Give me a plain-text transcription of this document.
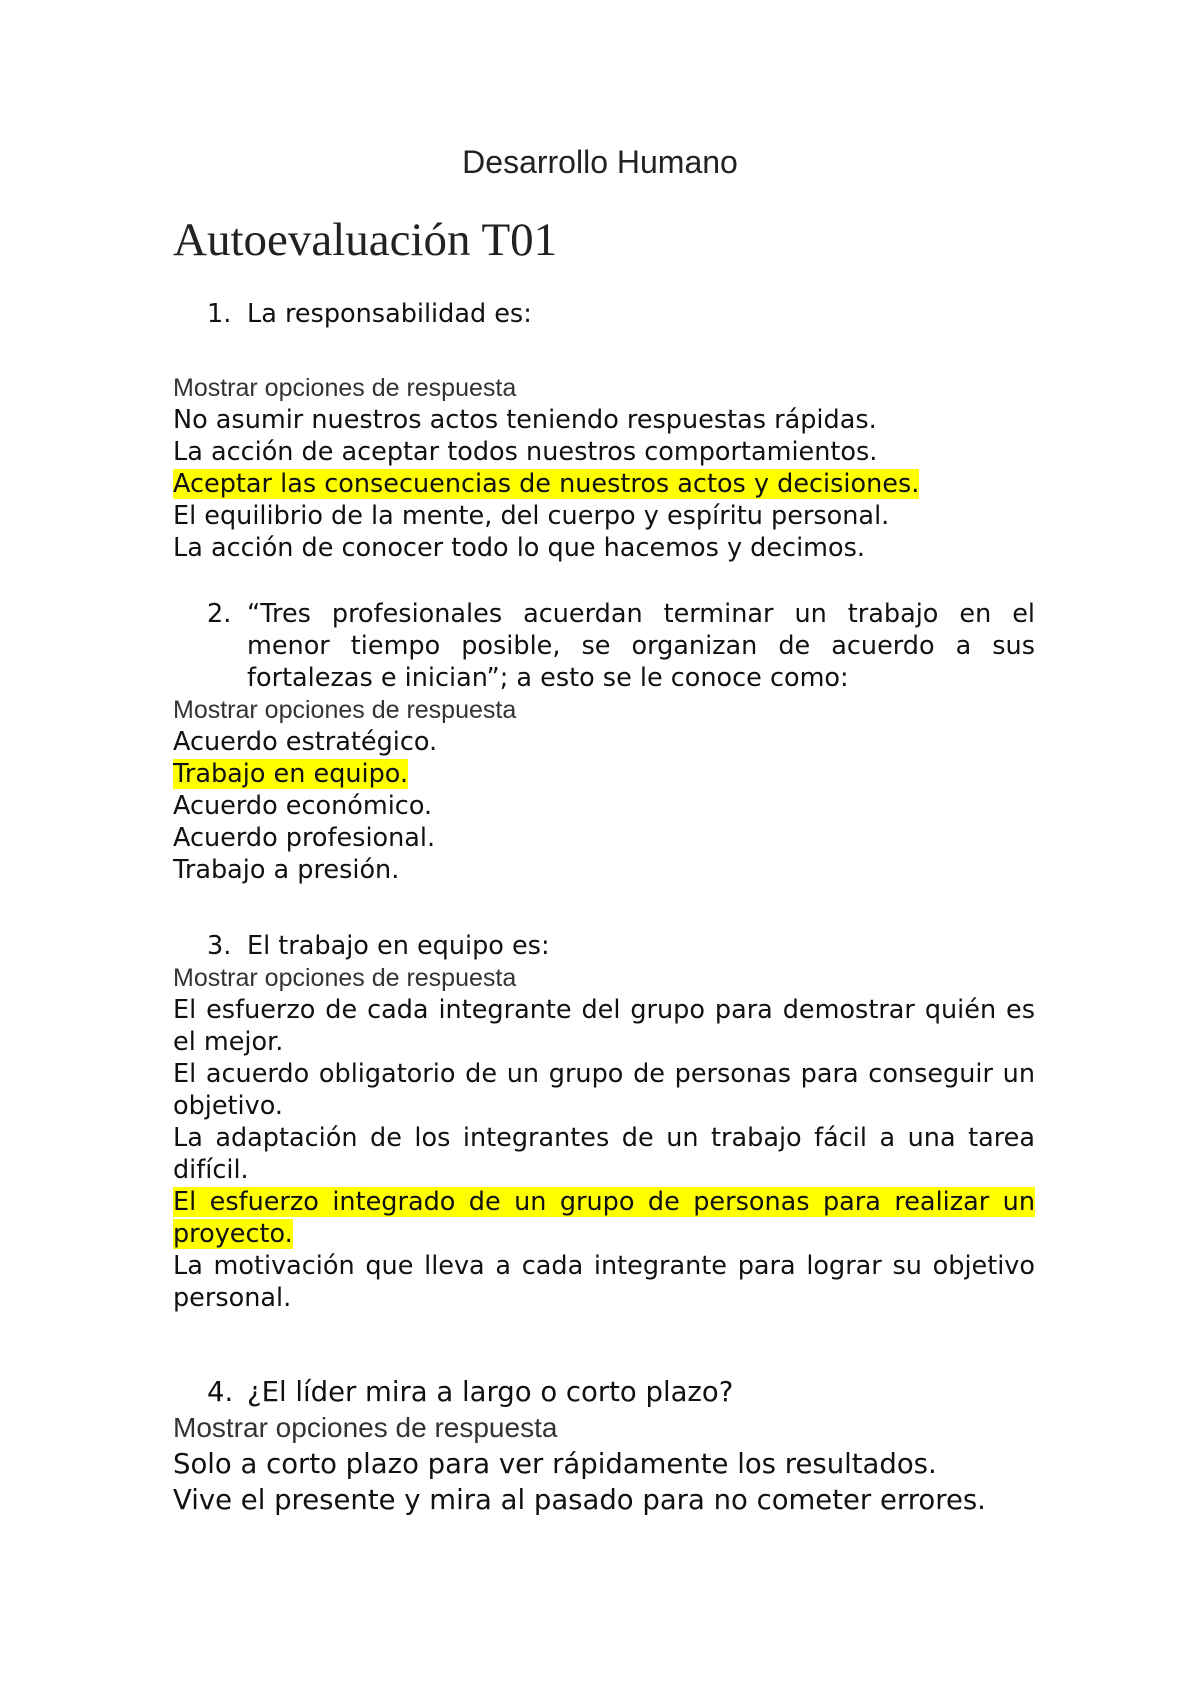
Desarrollo Humano
Autoevaluación T01
1. La responsabilidad es:
Mostrar opciones de respuesta
No asumir nuestros actos teniendo respuestas rápidas.
La acción de aceptar todos nuestros comportamientos.
Aceptar las consecuencias de nuestros actos y decisiones.
El equilibrio de la mente, del cuerpo y espíritu personal.
La acción de conocer todo lo que hacemos y decimos.
2. “Tres profesionales acuerdan terminar un trabajo en el menor tiempo posible, se organizan de acuerdo a sus fortalezas e inician”; a esto se le conoce como:
Mostrar opciones de respuesta
Acuerdo estratégico.
Trabajo en equipo.
Acuerdo económico.
Acuerdo profesional.
Trabajo a presión.
3. El trabajo en equipo es:
Mostrar opciones de respuesta
El esfuerzo de cada integrante del grupo para demostrar quién es el mejor.
El acuerdo obligatorio de un grupo de personas para conseguir un objetivo.
La adaptación de los integrantes de un trabajo fácil a una tarea difícil.
El esfuerzo integrado de un grupo de personas para realizar un proyecto.
La motivación que lleva a cada integrante para lograr su objetivo personal.
4. ¿El líder mira a largo o corto plazo?
Mostrar opciones de respuesta
Solo a corto plazo para ver rápidamente los resultados.
Vive el presente y mira al pasado para no cometer errores.
